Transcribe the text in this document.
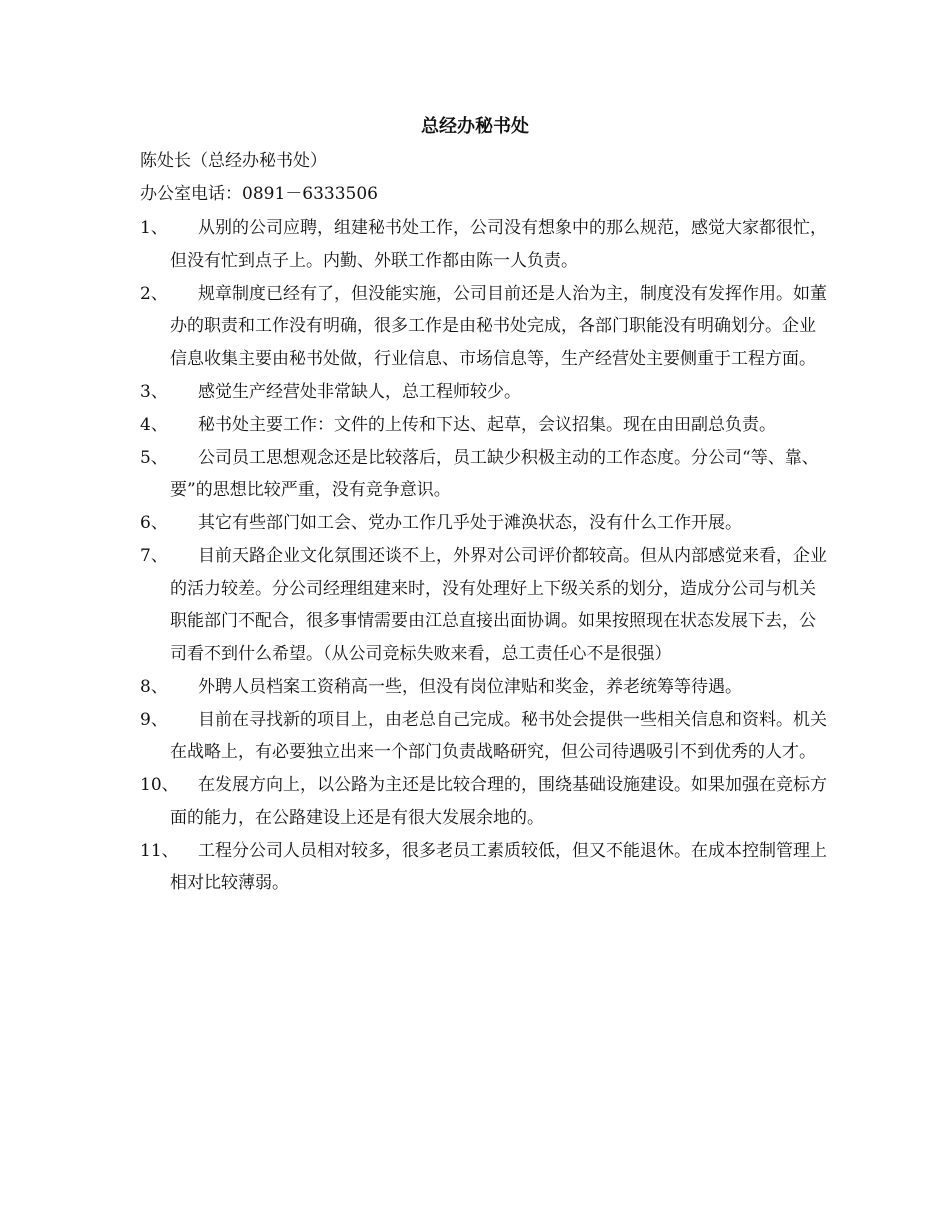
总经办秘书处

陈处长（总经办秘书处）

办公室电话：0891－6333506

1、 从别的公司应聘，组建秘书处工作，公司没有想象中的那么规范，感觉大家都很忙，但没有忙到点子上。内勤、外联工作都由陈一人负责。
2、 规章制度已经有了，但没能实施，公司目前还是人治为主，制度没有发挥作用。如董办的职责和工作没有明确，很多工作是由秘书处完成，各部门职能没有明确划分。企业信息收集主要由秘书处做，行业信息、市场信息等，生产经营处主要侧重于工程方面。
3、 感觉生产经营处非常缺人，总工程师较少。
4、 秘书处主要工作：文件的上传和下达、起草，会议招集。现在由田副总负责。
5、 公司员工思想观念还是比较落后，员工缺少积极主动的工作态度。分公司“等、靠、要”的思想比较严重，没有竞争意识。
6、 其它有些部门如工会、党办工作几乎处于滩涣状态，没有什么工作开展。
7、 目前天路企业文化氛围还谈不上，外界对公司评价都较高。但从内部感觉来看，企业的活力较差。分公司经理组建来时，没有处理好上下级关系的划分，造成分公司与机关职能部门不配合，很多事情需要由江总直接出面协调。如果按照现在状态发展下去，公司看不到什么希望。（从公司竞标失败来看，总工责任心不是很强）
8、 外聘人员档案工资稍高一些，但没有岗位津贴和奖金，养老统筹等待遇。
9、 目前在寻找新的项目上，由老总自己完成。秘书处会提供一些相关信息和资料。机关在战略上，有必要独立出来一个部门负责战略研究，但公司待遇吸引不到优秀的人才。
10、 在发展方向上，以公路为主还是比较合理的，围绕基础设施建设。如果加强在竞标方面的能力，在公路建设上还是有很大发展余地的。
11、 工程分公司人员相对较多，很多老员工素质较低，但又不能退休。在成本控制管理上相对比较薄弱。
